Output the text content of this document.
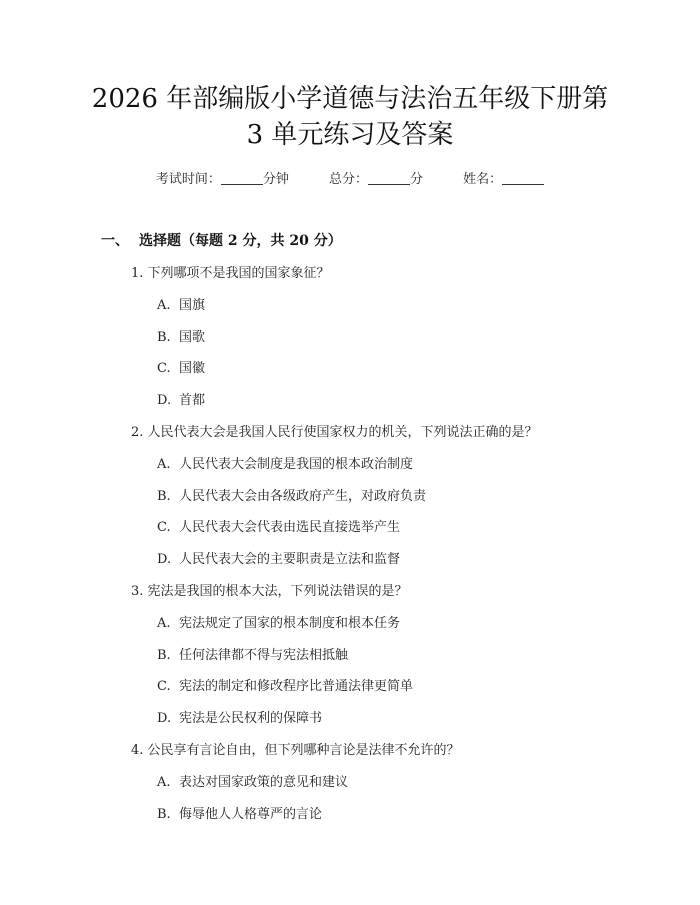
2026 年部编版小学道德与法治五年级下册第
3 单元练习及答案
考试时间：	分钟	总分：	分	姓名：
一、 选择题（每题 2 分，共 20 分）
1. 下列哪项不是我国的国家象征？
A. 国旗
B. 国歌
C. 国徽
D. 首都
2. 人民代表大会是我国人民行使国家权力的机关，下列说法正确的是？
A. 人民代表大会制度是我国的根本政治制度
B. 人民代表大会由各级政府产生，对政府负责
C. 人民代表大会代表由选民直接选举产生
D. 人民代表大会的主要职责是立法和监督
3. 宪法是我国的根本大法，下列说法错误的是？
A. 宪法规定了国家的根本制度和根本任务
B. 任何法律都不得与宪法相抵触
C. 宪法的制定和修改程序比普通法律更简单
D. 宪法是公民权利的保障书
4. 公民享有言论自由，但下列哪种言论是法律不允许的？
A. 表达对国家政策的意见和建议
B. 侮辱他人人格尊严的言论
